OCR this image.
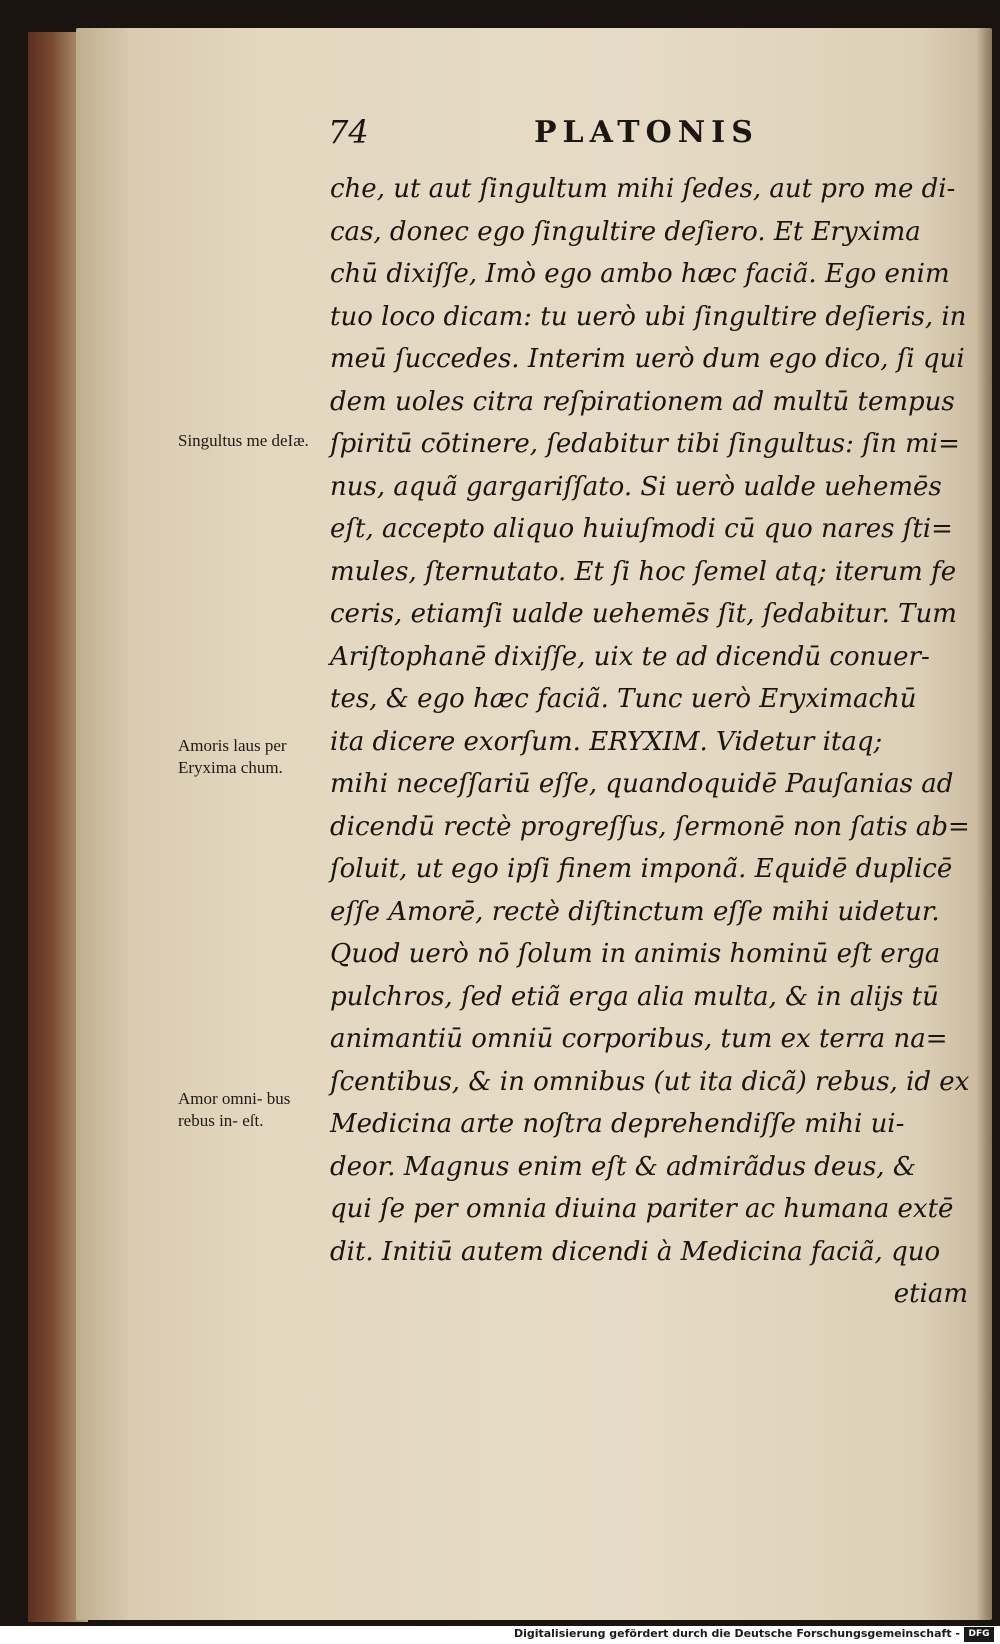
74	PLATONIS
che, ut aut ſingultum mihi ſedes, aut pro me di-
cas, donec ego ſingultire deſiero. Et Eryxima
chū dixiſſe, Imò ego ambo hæc faciã. Ego enim
tuo loco dicam: tu uerò ubi ſingultire deſieris, in
meū ſuccedes. Interim uerò dum ego dico, ſi qui
dem uoles citra reſpirationem ad multū tempus
ſpiritū cōtinere, ſedabitur tibi ſingultus: ſin mi=
nus, aquã gargariſſato. Si uerò ualde uehemēs
eſt, accepto aliquo huiuſmodi cū quo nares ſti=
mules, ſternutato. Et ſi hoc ſemel atq; iterum fe
ceris, etiamſi ualde uehemēs ſit, ſedabitur. Tum
Ariſtophanē dixiſſe, uix te ad dicendū conuer-
tes, & ego hæc faciã. Tunc uerò Eryximachū
ita dicere exorſum. ERYXIM. Videtur itaq;
mihi neceſſariū eſſe, quandoquidē Pauſanias ad
dicendū rectè progreſſus, ſermonē non ſatis ab=
ſoluit, ut ego ipſi finem imponã. Equidē duplicē
eſſe Amorē, rectè diſtinctum eſſe mihi uidetur.
Quod uerò nō ſolum in animis hominū eſt erga
pulchros, ſed etiã erga alia multa, & in alijs tū
animantiū omniū corporibus, tum ex terra na=
ſcentibus, & in omnibus (ut ita dicã) rebus, id ex
Medicina arte noſtra deprehendiſſe mihi ui-
deor. Magnus enim eſt & admirãdus deus, &
qui ſe per omnia diuina pariter ac humana extē
dit. Initiū autem dicendi à Medicina faciã, quo
etiam
Singultus me deIæ.
Amoris laus per Eryxima chum.
Amor omni- bus rebus in- eſt.
Digitalisierung gefördert durch die Deutsche Forschungsgemeinschaft - DFG
